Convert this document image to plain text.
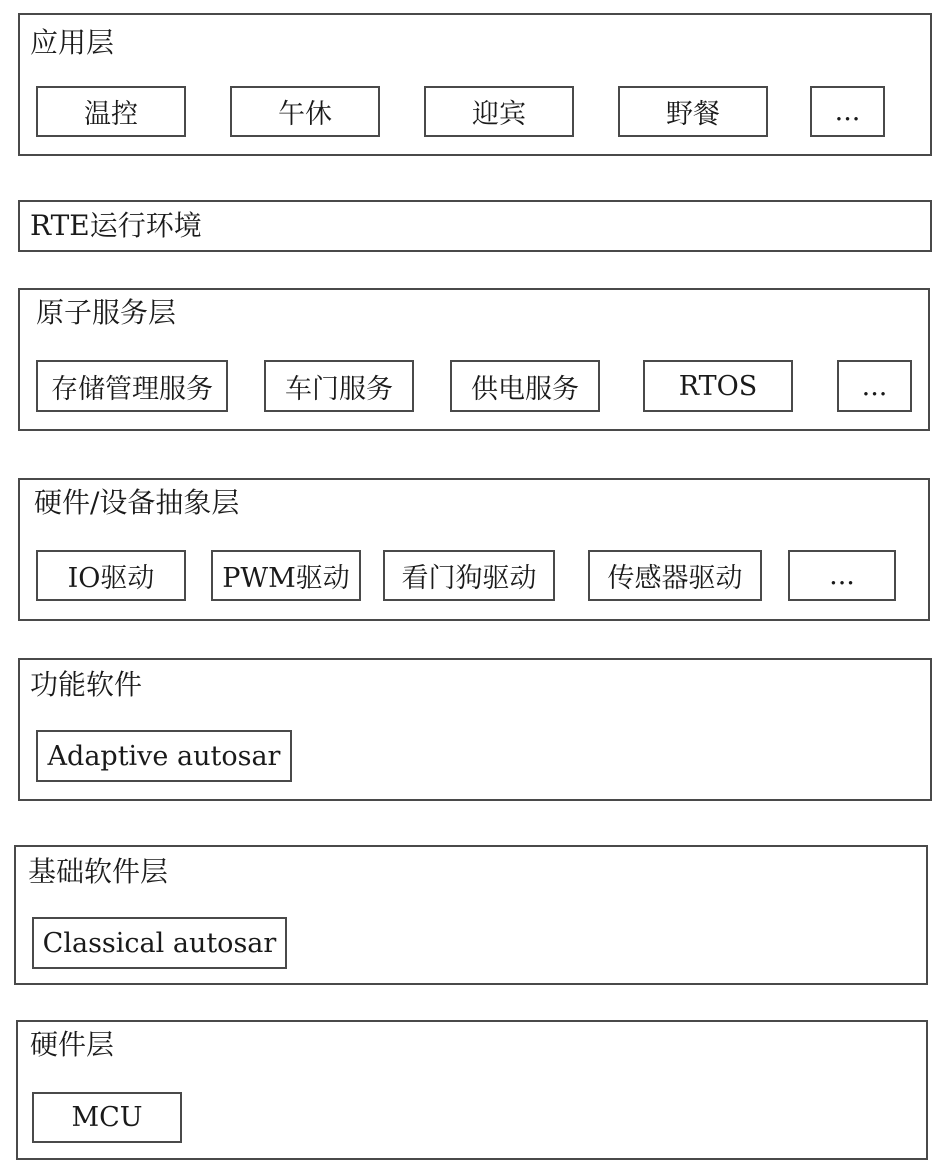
应用层
温控	午休	迎宾	野餐	...
RTE运行环境
原子服务层
存储管理服务	车门服务	供电服务	RTOS	...
硬件/设备抽象层
IO驱动	PWM驱动	看门狗驱动	传感器驱动	...
功能软件
Adaptive autosar
基础软件层
Classical autosar
硬件层
MCU
